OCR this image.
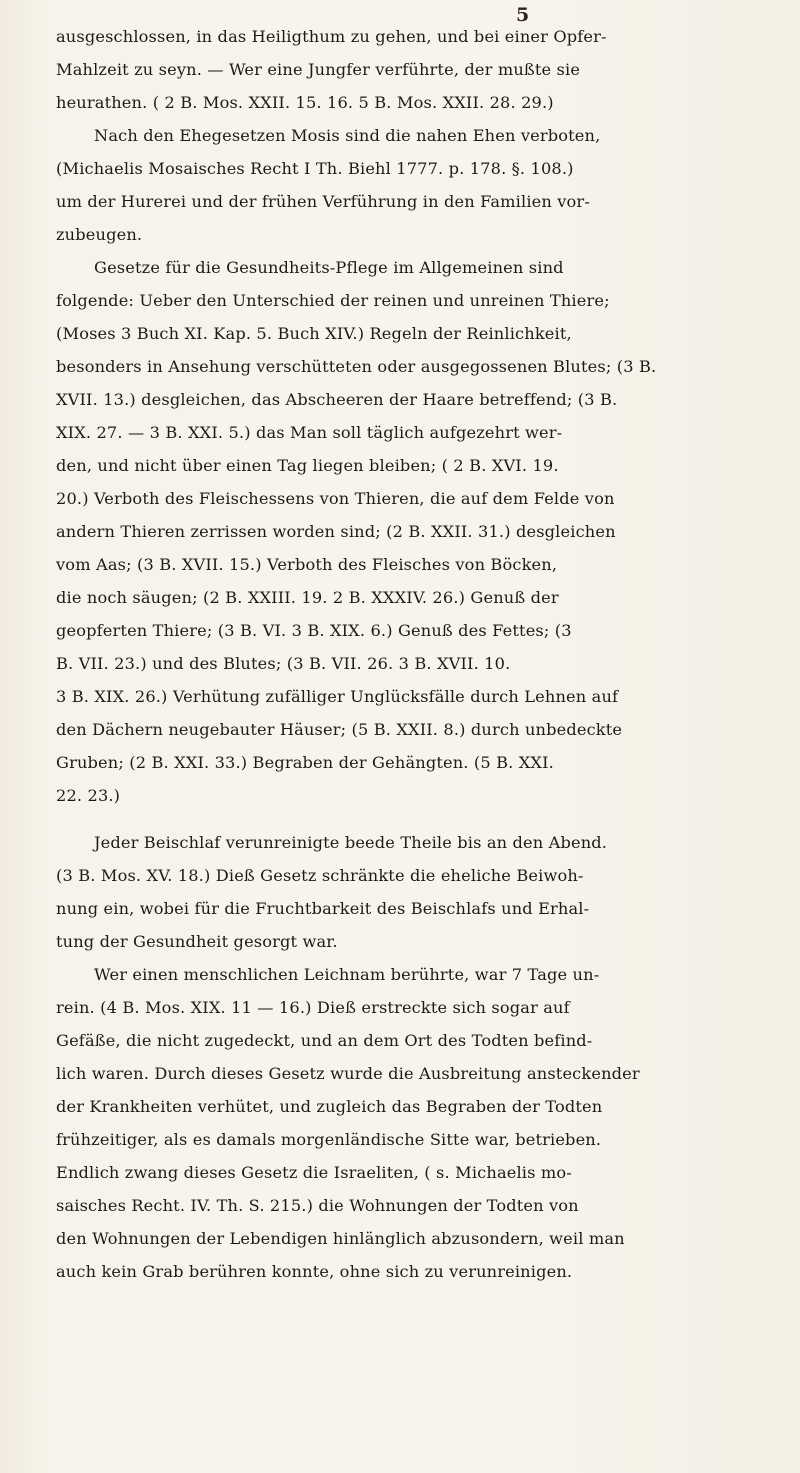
5
ausgeschlossen, in das Heiligthum zu gehen, und bei einer Opfer-
Mahlzeit zu seyn. — Wer eine Jungfer verführte, der mußte sie
heurathen. ( 2 B. Mos. XXII. 15. 16. 5 B. Mos. XXII. 28. 29.)
Nach den Ehegesetzen Mosis sind die nahen Ehen verboten,
(Michaelis Mosaisches Recht I Th. Biehl 1777. p. 178. §. 108.)
um der Hurerei und der frühen Verführung in den Familien vor-
zubeugen.
Gesetze für die Gesundheits-Pflege im Allgemeinen sind
folgende: Ueber den Unterschied der reinen und unreinen Thiere;
(Moses 3 Buch XI. Kap. 5. Buch XIV.) Regeln der Reinlichkeit,
besonders in Ansehung verschütteten oder ausgegossenen Blutes; (3 B.
XVII. 13.) desgleichen, das Abscheeren der Haare betreffend; (3 B.
XIX. 27. — 3 B. XXI. 5.) das Man soll täglich aufgezehrt wer-
den, und nicht über einen Tag liegen bleiben; ( 2 B. XVI. 19.
20.) Verboth des Fleischessens von Thieren, die auf dem Felde von
andern Thieren zerrissen worden sind; (2 B. XXII. 31.) desgleichen
vom Aas; (3 B. XVII. 15.) Verboth des Fleisches von Böcken,
die noch säugen; (2 B. XXIII. 19. 2 B. XXXIV. 26.) Genuß der
geopferten Thiere; (3 B. VI. 3 B. XIX. 6.) Genuß des Fettes; (3
B. VII. 23.) und des Blutes; (3 B. VII. 26. 3 B. XVII. 10.
3 B. XIX. 26.) Verhütung zufälliger Unglücksfälle durch Lehnen auf
den Dächern neugebauter Häuser; (5 B. XXII. 8.) durch unbedeckte
Gruben; (2 B. XXI. 33.) Begraben der Gehängten. (5 B. XXI.
22. 23.)
Jeder Beischlaf verunreinigte beede Theile bis an den Abend.
(3 B. Mos. XV. 18.) Dieß Gesetz schränkte die eheliche Beiwoh-
nung ein, wobei für die Fruchtbarkeit des Beischlafs und Erhal-
tung der Gesundheit gesorgt war.
Wer einen menschlichen Leichnam berührte, war 7 Tage un-
rein. (4 B. Mos. XIX. 11 — 16.) Dieß erstreckte sich sogar auf
Gefäße, die nicht zugedeckt, und an dem Ort des Todten befind-
lich waren. Durch dieses Gesetz wurde die Ausbreitung ansteckender
der Krankheiten verhütet, und zugleich das Begraben der Todten
frühzeitiger, als es damals morgenländische Sitte war, betrieben.
Endlich zwang dieses Gesetz die Israeliten, ( s. Michaelis mo-
saisches Recht. IV. Th. S. 215.) die Wohnungen der Todten von
den Wohnungen der Lebendigen hinlänglich abzusondern, weil man
auch kein Grab berühren konnte, ohne sich zu verunreinigen.
